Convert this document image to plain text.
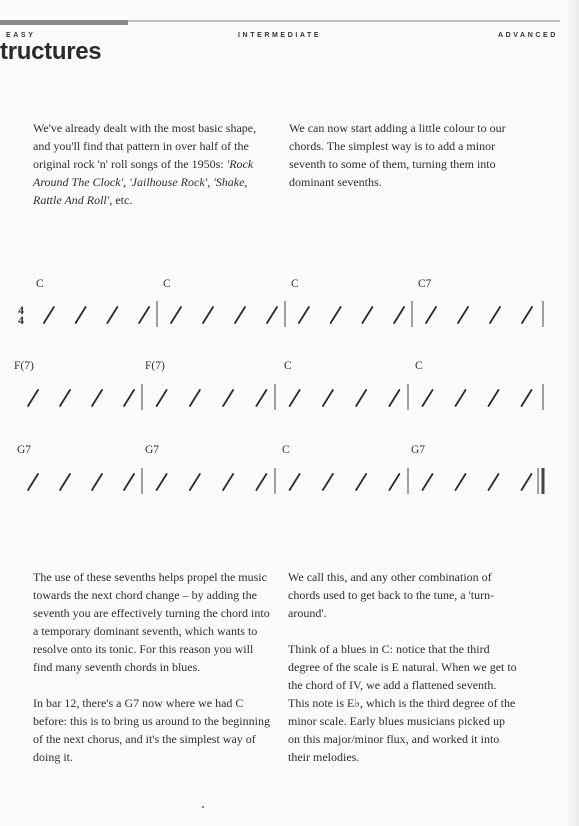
EASY	INTERMEDIATE	ADVANCED
tructures

We've already dealt with the most basic shape, and you'll find that pattern in over half of the original rock 'n' roll songs of the 1950s: 'Rock Around The Clock', 'Jailhouse Rock', 'Shake, Rattle And Roll', etc.

We can now start adding a little colour to our chords. The simplest way is to add a minor seventh to some of them, turning them into dominant sevenths.

4
4
C	C	C	C7
F(7)	F(7)	C	C
G7	G7	C	G7

The use of these sevenths helps propel the music towards the next chord change – by adding the seventh you are effectively turning the chord into a temporary dominant seventh, which wants to resolve onto its tonic. For this reason you will find many seventh chords in blues.

In bar 12, there's a G7 now where we had C before: this is to bring us around to the beginning of the next chorus, and it's the simplest way of doing it.

We call this, and any other combination of chords used to get back to the tune, a 'turn-around'.

Think of a blues in C: notice that the third degree of the scale is E natural. When we get to the chord of IV, we add a flattened seventh. This note is E♭, which is the third degree of the minor scale. Early blues musicians picked up on this major/minor flux, and worked it into their melodies.
